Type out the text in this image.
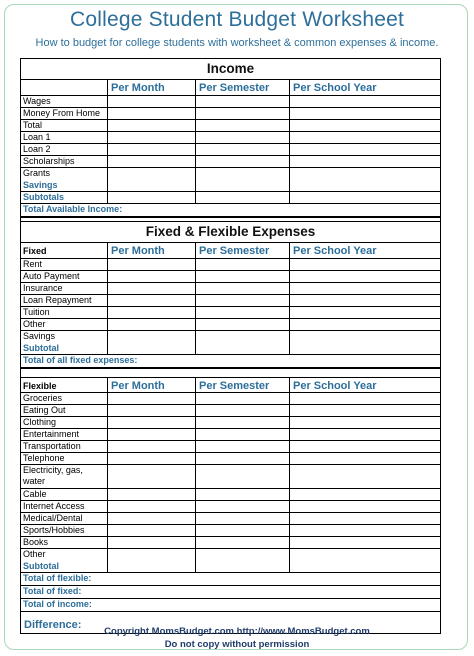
College Student Budget Worksheet
How to budget for college students with worksheet & common expenses & income.
Income
Per Month	Per Semester	Per School Year
Wages
Money From Home
Total
Loan 1
Loan 2
Scholarships
Grants
Savings
Subtotals
Total Available Income:
Fixed & Flexible Expenses
Fixed	Per Month	Per Semester	Per School Year
Rent
Auto Payment
Insurance
Loan Repayment
Tuition
Other
Savings
Subtotal
Total of all fixed expenses:
Flexible	Per Month	Per Semester	Per School Year
Groceries
Eating Out
Clothing
Entertainment
Transportation
Telephone
Electricity, gas, water
Cable
Internet Access
Medical/Dental
Sports/Hobbies
Books
Other
Subtotal
Total of flexible:
Total of fixed:
Total of income:
Difference:
Copyright MomsBudget.com http://www.MomsBudget.com
Do not copy without permission
